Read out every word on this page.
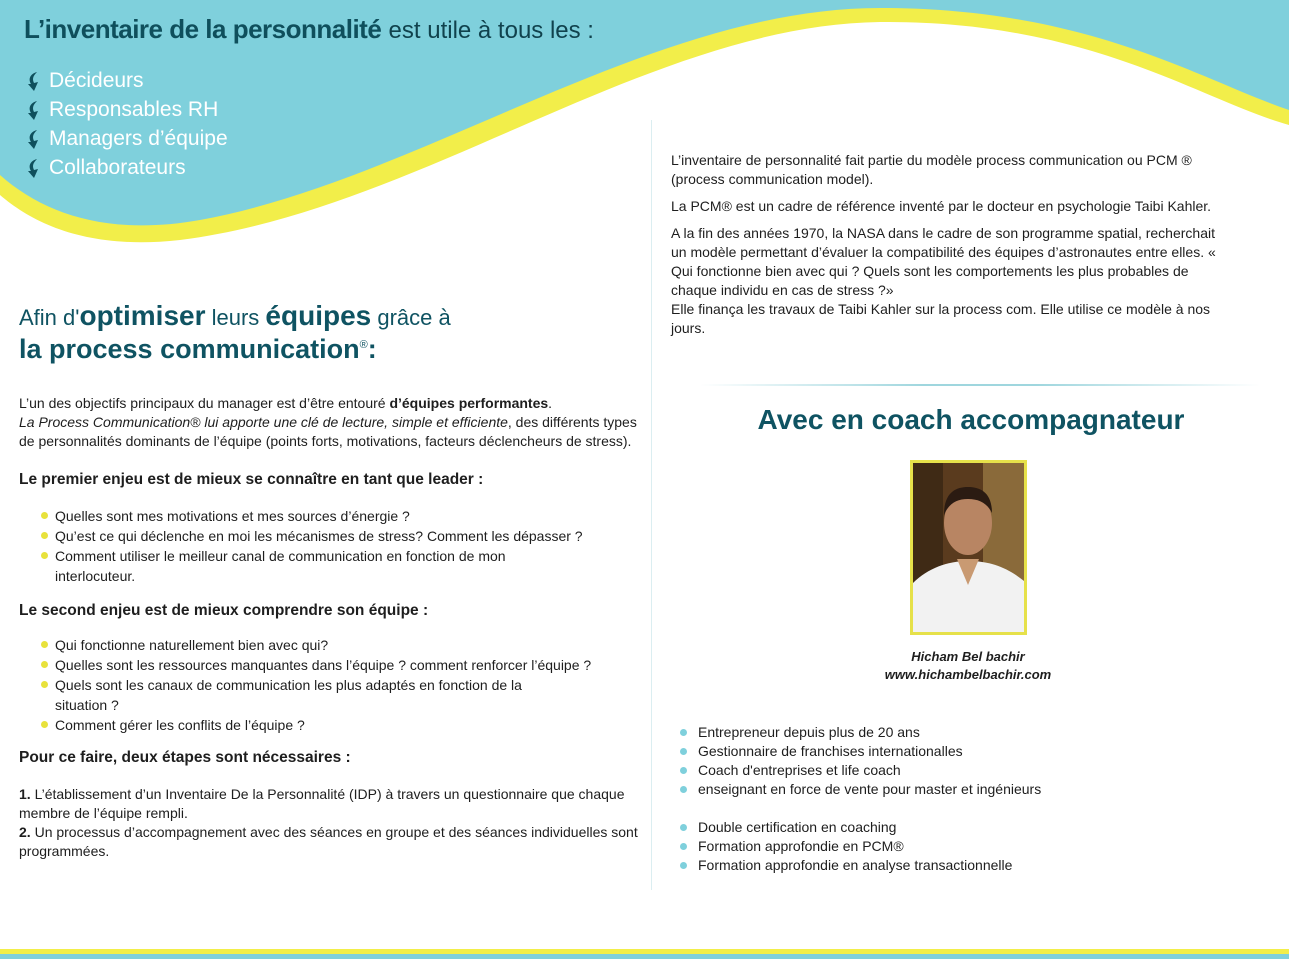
L’inventaire de la personnalité est utile à tous les :
Décideurs
Responsables RH
Managers d’équipe
Collaborateurs
Afin d'optimiser leurs équipes grâce à
la process communication®:
L’un des objectifs principaux du manager est d’être entouré d’équipes performantes.
La Process Communication® lui apporte une clé de lecture, simple et efficiente, des différents types de personnalités dominants de l’équipe (points forts, motivations, facteurs déclencheurs de stress).
Le premier enjeu est de mieux se connaître en tant que leader :
Quelles sont mes motivations et mes sources d’énergie ?
Qu’est ce qui déclenche en moi les mécanismes de stress? Comment les dépasser ?
Comment utiliser le meilleur canal de communication en fonction de mon interlocuteur.
Le second enjeu est de mieux comprendre son équipe :
Qui fonctionne naturellement bien avec qui?
Quelles sont les ressources manquantes dans l’équipe ? comment renforcer l’équipe ?
Quels sont les canaux de communication les plus adaptés en fonction de la situation ?
Comment gérer les conflits de l’équipe ?
Pour ce faire, deux étapes sont nécessaires :
1. L’établissement d’un Inventaire De la Personnalité (IDP) à travers un questionnaire que chaque membre de l’équipe rempli.
2. Un processus d’accompagnement avec des séances en groupe et des séances individuelles sont programmées.

L’inventaire de personnalité fait partie du modèle process communication ou PCM ® (process communication model).

La PCM® est un cadre de référence inventé par le docteur en psychologie Taibi Kahler.

A la fin des années 1970, la NASA dans le cadre de son programme spatial, recherchait un modèle permettant d’évaluer la compatibilité des équipes d’astronautes entre elles. « Qui fonctionne bien avec qui ? Quels sont les comportements les plus probables de chaque individu en cas de stress ?»

Elle finança les travaux de Taibi Kahler sur la process com. Elle utilise ce modèle à nos jours.

Avec en coach accompagnateur
Hicham Bel bachir
www.hichambelbachir.com
Entrepreneur depuis plus de 20 ans
Gestionnaire de franchises internationalles
Coach d'entreprises et life coach
enseignant en force de vente pour master et ingénieurs
Double certification en coaching
Formation approfondie en PCM®
Formation approfondie en analyse transactionnelle
